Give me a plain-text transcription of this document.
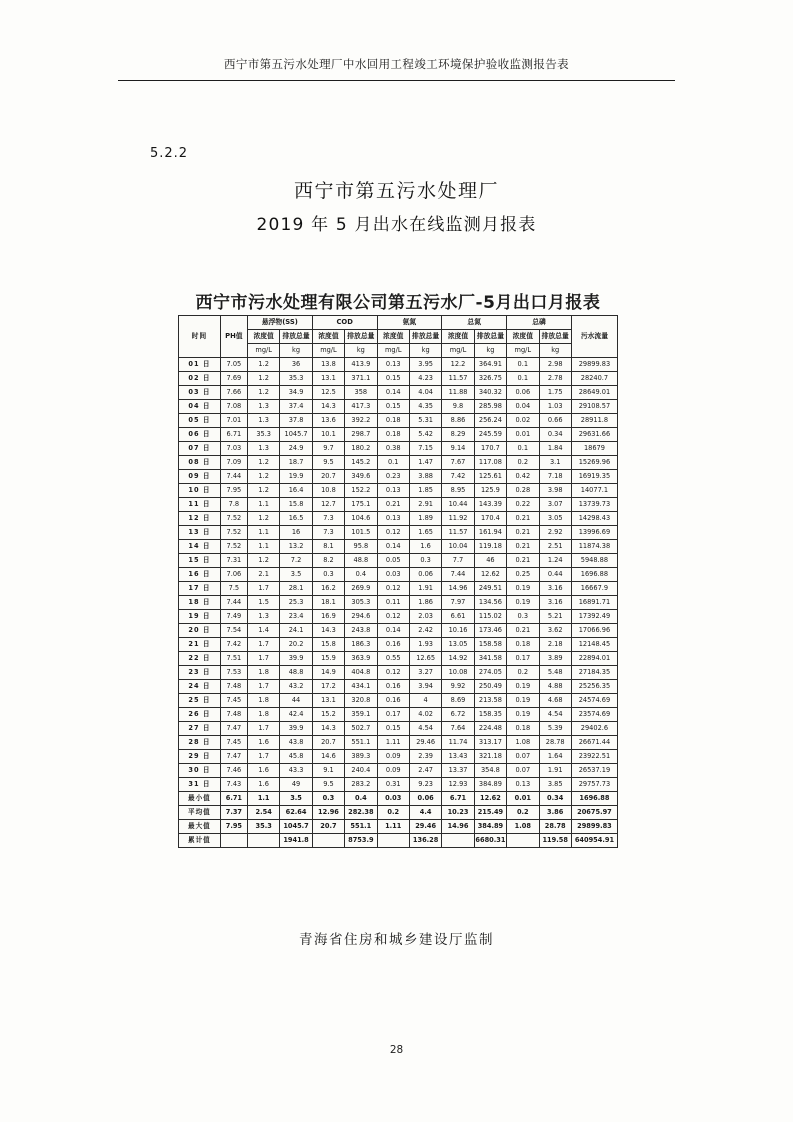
西宁市第五污水处理厂中水回用工程竣工环境保护验收监测报告表
5.2.2
西宁市第五污水处理厂
2019 年 5 月出水在线监测月报表
西宁市污水处理有限公司第五污水厂-5月出口月报表
时间	PH值	悬浮物(SS)		COD		氨氮		总氮		总磷		污水流量
		浓度值	排放总量	浓度值	排放总量	浓度值	排放总量	浓度值	排放总量	浓度值	排放总量	
		mg/L	kg	mg/L	kg	mg/L	kg	mg/L	kg	mg/L	kg	
01 日	7.05	1.2	36	13.8	413.9	0.13	3.95	12.2	364.91	0.1	2.98	29899.83
02 日	7.69	1.2	35.3	13.1	371.1	0.15	4.23	11.57	326.75	0.1	2.78	28240.7
03 日	7.66	1.2	34.9	12.5	358	0.14	4.04	11.88	340.32	0.06	1.75	28649.01
04 日	7.08	1.3	37.4	14.3	417.3	0.15	4.35	9.8	285.98	0.04	1.03	29108.57
05 日	7.01	1.3	37.8	13.6	392.2	0.18	5.31	8.86	256.24	0.02	0.66	28911.8
06 日	6.71	35.3	1045.7	10.1	298.7	0.18	5.42	8.29	245.59	0.01	0.34	29631.66
07 日	7.03	1.3	24.9	9.7	180.2	0.38	7.15	9.14	170.7	0.1	1.84	18679
08 日	7.09	1.2	18.7	9.5	145.2	0.1	1.47	7.67	117.08	0.2	3.1	15269.96
09 日	7.44	1.2	19.9	20.7	349.6	0.23	3.88	7.42	125.61	0.42	7.18	16919.35
10 日	7.95	1.2	16.4	10.8	152.2	0.13	1.85	8.95	125.9	0.28	3.98	14077.1
11 日	7.8	1.1	15.8	12.7	175.1	0.21	2.91	10.44	143.39	0.22	3.07	13739.73
12 日	7.52	1.2	16.5	7.3	104.6	0.13	1.89	11.92	170.4	0.21	3.05	14298.43
13 日	7.52	1.1	16	7.3	101.5	0.12	1.65	11.57	161.94	0.21	2.92	13996.69
14 日	7.52	1.1	13.2	8.1	95.8	0.14	1.6	10.04	119.18	0.21	2.51	11874.38
15 日	7.31	1.2	7.2	8.2	48.8	0.05	0.3	7.7	46	0.21	1.24	5948.88
16 日	7.06	2.1	3.5	0.3	0.4	0.03	0.06	7.44	12.62	0.25	0.44	1696.88
17 日	7.5	1.7	28.1	16.2	269.9	0.12	1.91	14.96	249.51	0.19	3.16	16667.9
18 日	7.44	1.5	25.3	18.1	305.3	0.11	1.86	7.97	134.56	0.19	3.16	16891.71
19 日	7.49	1.3	23.4	16.9	294.6	0.12	2.03	6.61	115.02	0.3	5.21	17392.49
20 日	7.54	1.4	24.1	14.3	243.8	0.14	2.42	10.16	173.46	0.21	3.62	17066.96
21 日	7.42	1.7	20.2	15.8	186.3	0.16	1.93	13.05	158.58	0.18	2.18	12148.45
22 日	7.51	1.7	39.9	15.9	363.9	0.55	12.65	14.92	341.58	0.17	3.89	22894.01
23 日	7.53	1.8	48.8	14.9	404.8	0.12	3.27	10.08	274.05	0.2	5.48	27184.35
24 日	7.48	1.7	43.2	17.2	434.1	0.16	3.94	9.92	250.49	0.19	4.88	25256.35
25 日	7.45	1.8	44	13.1	320.8	0.16	4	8.69	213.58	0.19	4.68	24574.69
26 日	7.48	1.8	42.4	15.2	359.1	0.17	4.02	6.72	158.35	0.19	4.54	23574.69
27 日	7.47	1.7	39.9	14.3	502.7	0.15	4.54	7.64	224.48	0.18	5.39	29402.6
28 日	7.45	1.6	43.8	20.7	551.1	1.11	29.46	11.74	313.17	1.08	28.78	26671.44
29 日	7.47	1.7	45.8	14.6	389.3	0.09	2.39	13.43	321.18	0.07	1.64	23922.51
30 日	7.46	1.6	43.3	9.1	240.4	0.09	2.47	13.37	354.8	0.07	1.91	26537.19
31 日	7.43	1.6	49	9.5	283.2	0.31	9.23	12.93	384.89	0.13	3.85	29757.73
最小值	6.71	1.1	3.5	0.3	0.4	0.03	0.06	6.71	12.62	0.01	0.34	1696.88
平均值	7.37	2.54	62.64	12.96	282.38	0.2	4.4	10.23	215.49	0.2	3.86	20675.97
最大值	7.95	35.3	1045.7	20.7	551.1	1.11	29.46	14.96	384.89	1.08	28.78	29899.83
累计值			1941.8		8753.9		136.28		6680.31		119.58	640954.91
青海省住房和城乡建设厅监制
28
